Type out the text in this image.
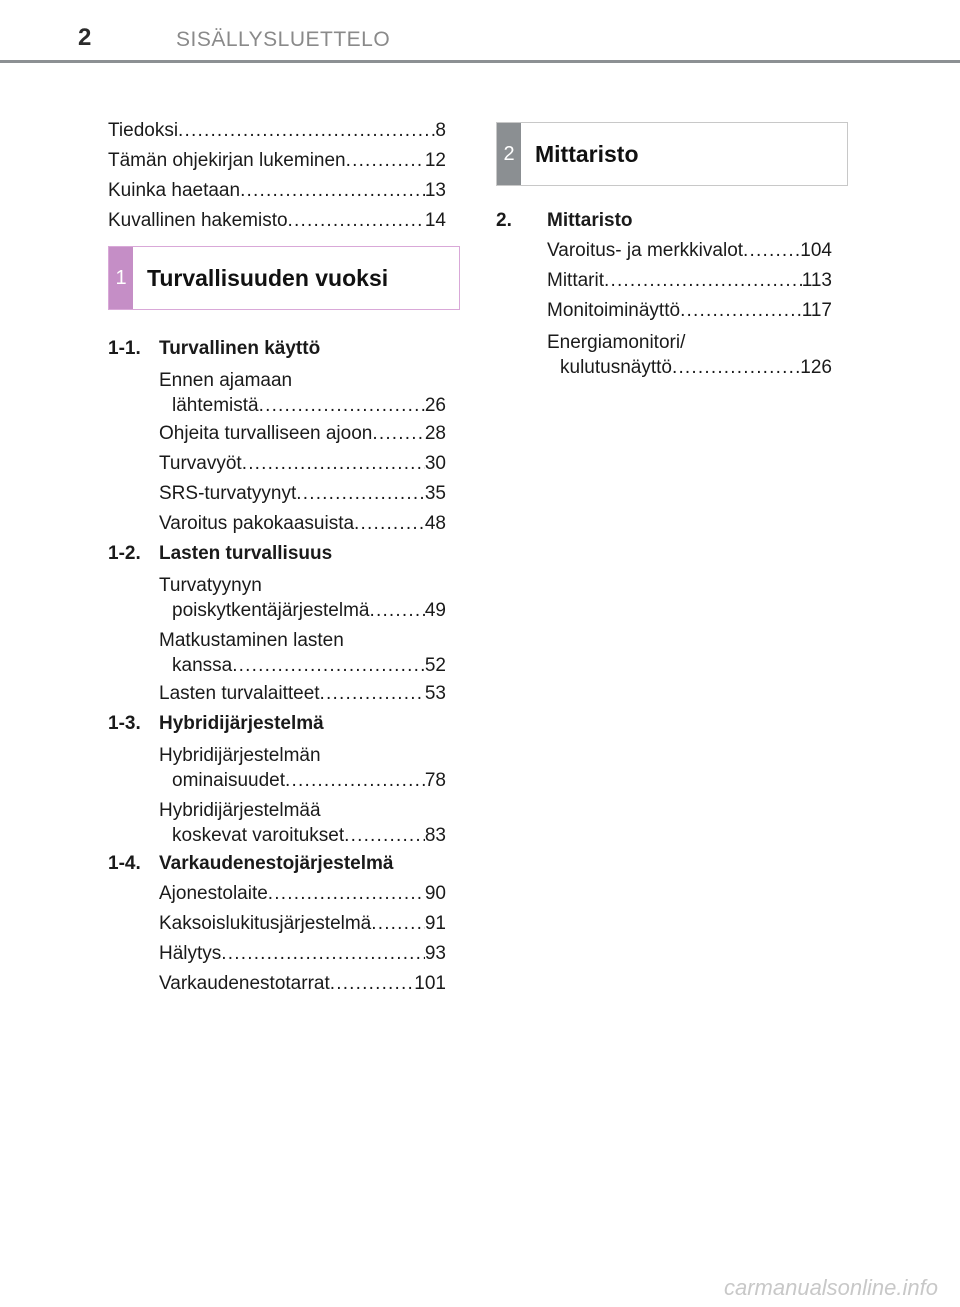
2	SISÄLLYSLUETTELO
Tiedoksi .....	8
Tämän ohjekirjan lukeminen .....	12
Kuinka haetaan .....	13
Kuvallinen hakemisto .....	14
1-1. Turvallinen käyttö
Ennen ajamaan
lähtemistä .....	26
Ohjeita turvalliseen ajoon .....	28
Turvavyöt .....	30
SRS-turvatyynyt .....	35
Varoitus pakokaasuista .....	48
1-2. Lasten turvallisuus
Turvatyynyn
poiskytkentäjärjestelmä .....	49
Matkustaminen lasten
kanssa .....	52
Lasten turvalaitteet .....	53
1-3. Hybridijärjestelmä
Hybridijärjestelmän
ominaisuudet .....	78
Hybridijärjestelmää
koskevat varoitukset .....	83
1-4. Varkaudenestojärjestelmä
Ajonestolaite .....	90
Kaksoislukitusjärjestelmä .....	91
Hälytys .....	93
Varkaudenestotarrat .....	101
1 Turvallisuuden vuoksi
2 Mittaristo
2.	Mittaristo
Varoitus- ja merkkivalot .....	104
Mittarit .....	113
Monitoiminäyttö .....	117
Energiamonitori/
kulutusnäyttö .....	126
carmanualsonline.info
